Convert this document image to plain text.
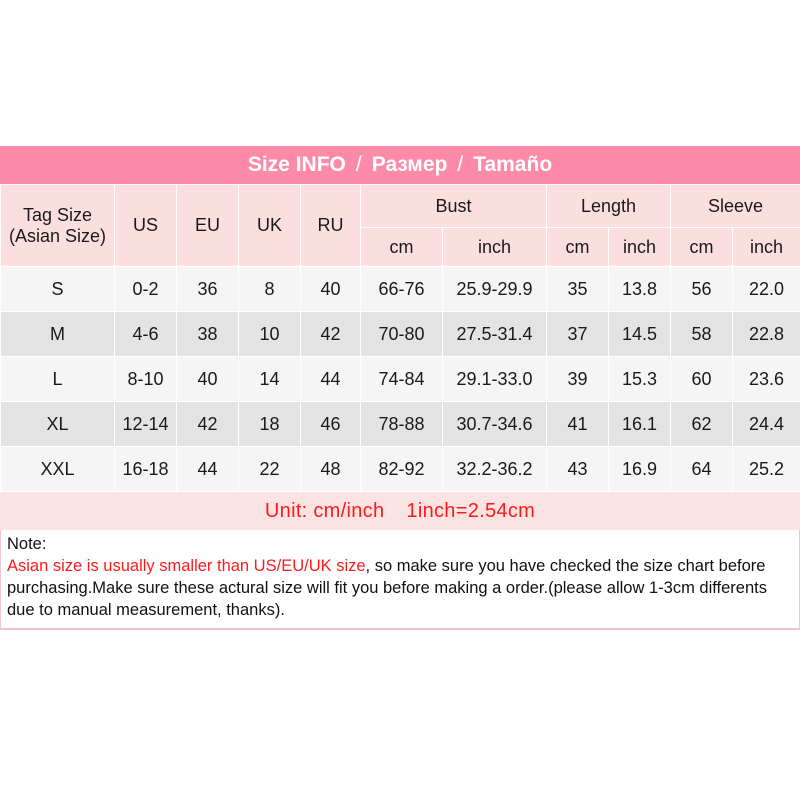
Size INFO / Размер / Tamaño
Tag Size (Asian Size)	US	EU	UK	RU	Bust		Length		Sleeve	
					cm	inch	cm	inch	cm	inch
S	0-2	36	8	40	66-76	25.9-29.9	35	13.8	56	22.0
M	4-6	38	10	42	70-80	27.5-31.4	37	14.5	58	22.8
L	8-10	40	14	44	74-84	29.1-33.0	39	15.3	60	23.6
XL	12-14	42	18	46	78-88	30.7-34.6	41	16.1	62	24.4
XXL	16-18	44	22	48	82-92	32.2-36.2	43	16.9	64	25.2
Unit: cm/inch 1inch=2.54cm
Note:
Asian size is usually smaller than US/EU/UK size, so make sure you have checked the size chart before purchasing.Make sure these actural size will fit you before making a order.(please allow 1-3cm differents due to manual measurement, thanks).
